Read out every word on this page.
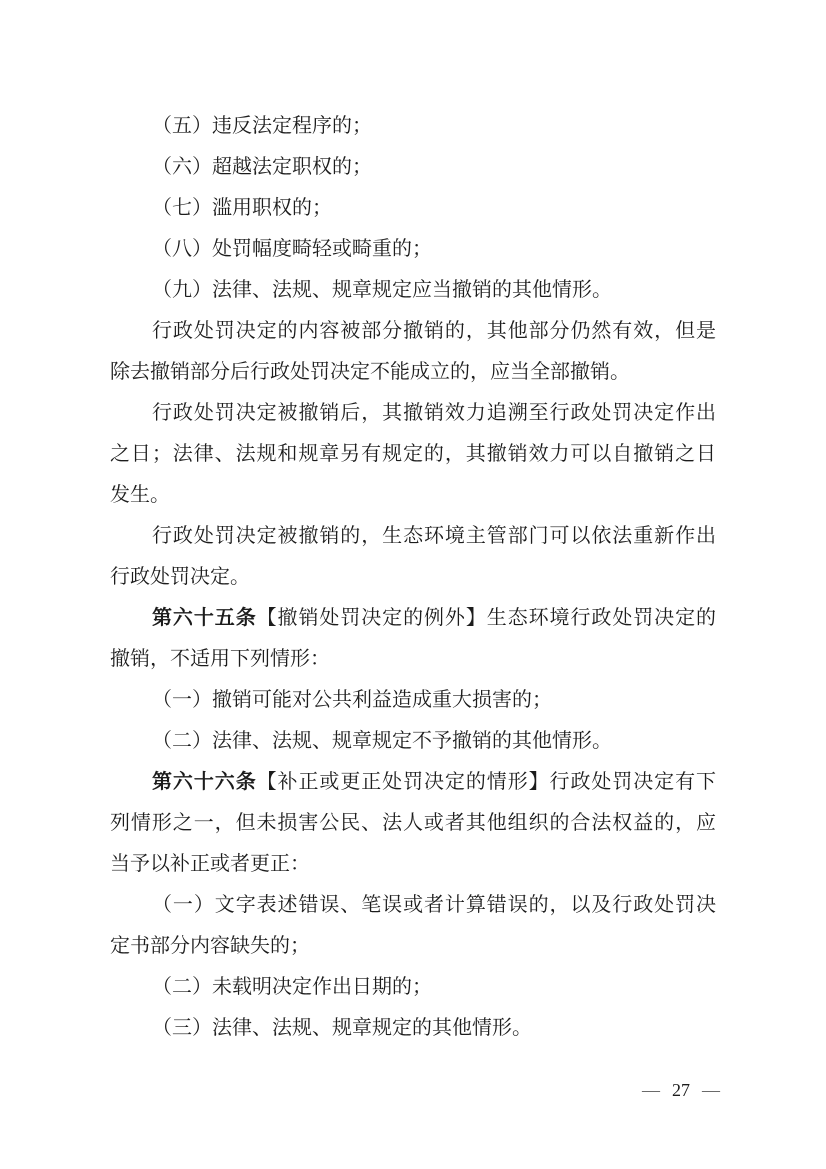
（五）违反法定程序的；
（六）超越法定职权的；
（七）滥用职权的；
（八）处罚幅度畸轻或畸重的；
（九）法律、法规、规章规定应当撤销的其他情形。
行政处罚决定的内容被部分撤销的，其他部分仍然有效，但是
除去撤销部分后行政处罚决定不能成立的，应当全部撤销。
行政处罚决定被撤销后，其撤销效力追溯至行政处罚决定作出
之日；法律、法规和规章另有规定的，其撤销效力可以自撤销之日
发生。
行政处罚决定被撤销的，生态环境主管部门可以依法重新作出
行政处罚决定。
第六十五条【撤销处罚决定的例外】生态环境行政处罚决定的
撤销，不适用下列情形：
（一）撤销可能对公共利益造成重大损害的；
（二）法律、法规、规章规定不予撤销的其他情形。
第六十六条【补正或更正处罚决定的情形】行政处罚决定有下
列情形之一，但未损害公民、法人或者其他组织的合法权益的，应
当予以补正或者更正：
（一）文字表述错误、笔误或者计算错误的，以及行政处罚决
定书部分内容缺失的；
（二）未载明决定作出日期的；
（三）法律、法规、规章规定的其他情形。
— 27 —
